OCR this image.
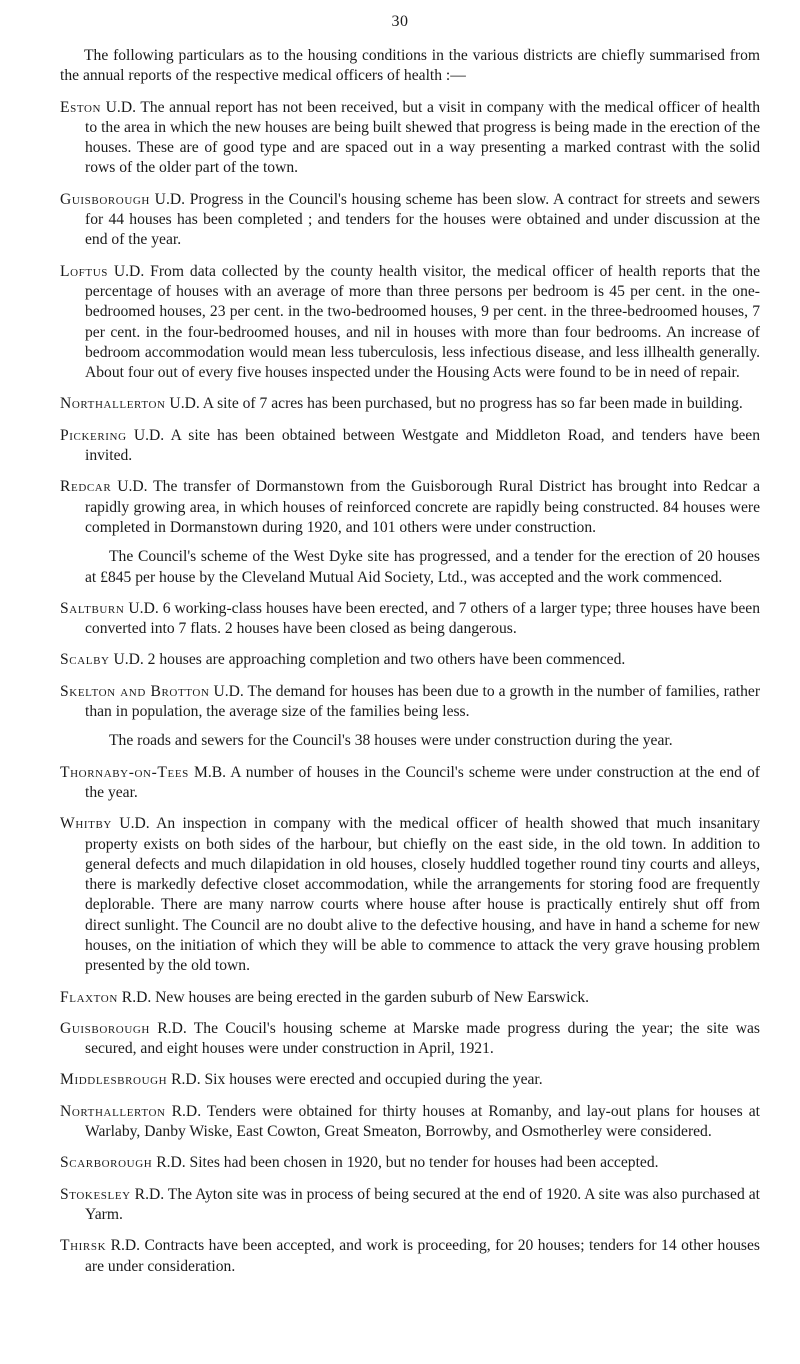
30

The following particulars as to the housing conditions in the various districts are chiefly summarised from the annual reports of the respective medical officers of health :—

Eston U.D. The annual report has not been received, but a visit in company with the medical officer of health to the area in which the new houses are being built shewed that progress is being made in the erection of the houses. These are of good type and are spaced out in a way presenting a marked contrast with the solid rows of the older part of the town.

Guisborough U.D. Progress in the Council's housing scheme has been slow. A contract for streets and sewers for 44 houses has been completed ; and tenders for the houses were obtained and under discussion at the end of the year.

Loftus U.D. From data collected by the county health visitor, the medical officer of health reports that the percentage of houses with an average of more than three persons per bedroom is 45 per cent. in the one-bedroomed houses, 23 per cent. in the two-bedroomed houses, 9 per cent. in the three-bedroomed houses, 7 per cent. in the four-bedroomed houses, and nil in houses with more than four bedrooms. An increase of bedroom accommodation would mean less tuberculosis, less infectious disease, and less illhealth generally. About four out of every five houses inspected under the Housing Acts were found to be in need of repair.

Northallerton U.D. A site of 7 acres has been purchased, but no progress has so far been made in building.

Pickering U.D. A site has been obtained between Westgate and Middleton Road, and tenders have been invited.

Redcar U.D. The transfer of Dormanstown from the Guisborough Rural District has brought into Redcar a rapidly growing area, in which houses of reinforced concrete are rapidly being constructed. 84 houses were completed in Dormanstown during 1920, and 101 others were under construction.

The Council's scheme of the West Dyke site has progressed, and a tender for the erection of 20 houses at £845 per house by the Cleveland Mutual Aid Society, Ltd., was accepted and the work commenced.

Saltburn U.D. 6 working-class houses have been erected, and 7 others of a larger type; three houses have been converted into 7 flats. 2 houses have been closed as being dangerous.

Scalby U.D. 2 houses are approaching completion and two others have been commenced.

Skelton and Brotton U.D. The demand for houses has been due to a growth in the number of families, rather than in population, the average size of the families being less.

The roads and sewers for the Council's 38 houses were under construction during the year.

Thornaby-on-Tees M.B. A number of houses in the Council's scheme were under construction at the end of the year.

Whitby U.D. An inspection in company with the medical officer of health showed that much insanitary property exists on both sides of the harbour, but chiefly on the east side, in the old town. In addition to general defects and much dilapidation in old houses, closely huddled together round tiny courts and alleys, there is markedly defective closet accommodation, while the arrangements for storing food are frequently deplorable. There are many narrow courts where house after house is practically entirely shut off from direct sunlight. The Council are no doubt alive to the defective housing, and have in hand a scheme for new houses, on the initiation of which they will be able to commence to attack the very grave housing problem presented by the old town.

Flaxton R.D. New houses are being erected in the garden suburb of New Earswick.

Guisborough R.D. The Coucil's housing scheme at Marske made progress during the year; the site was secured, and eight houses were under construction in April, 1921.

Middlesbrough R.D. Six houses were erected and occupied during the year.

Northallerton R.D. Tenders were obtained for thirty houses at Romanby, and lay-out plans for houses at Warlaby, Danby Wiske, East Cowton, Great Smeaton, Borrowby, and Osmotherley were considered.

Scarborough R.D. Sites had been chosen in 1920, but no tender for houses had been accepted.

Stokesley R.D. The Ayton site was in process of being secured at the end of 1920. A site was also purchased at Yarm.

Thirsk R.D. Contracts have been accepted, and work is proceeding, for 20 houses; tenders for 14 other houses are under consideration.
